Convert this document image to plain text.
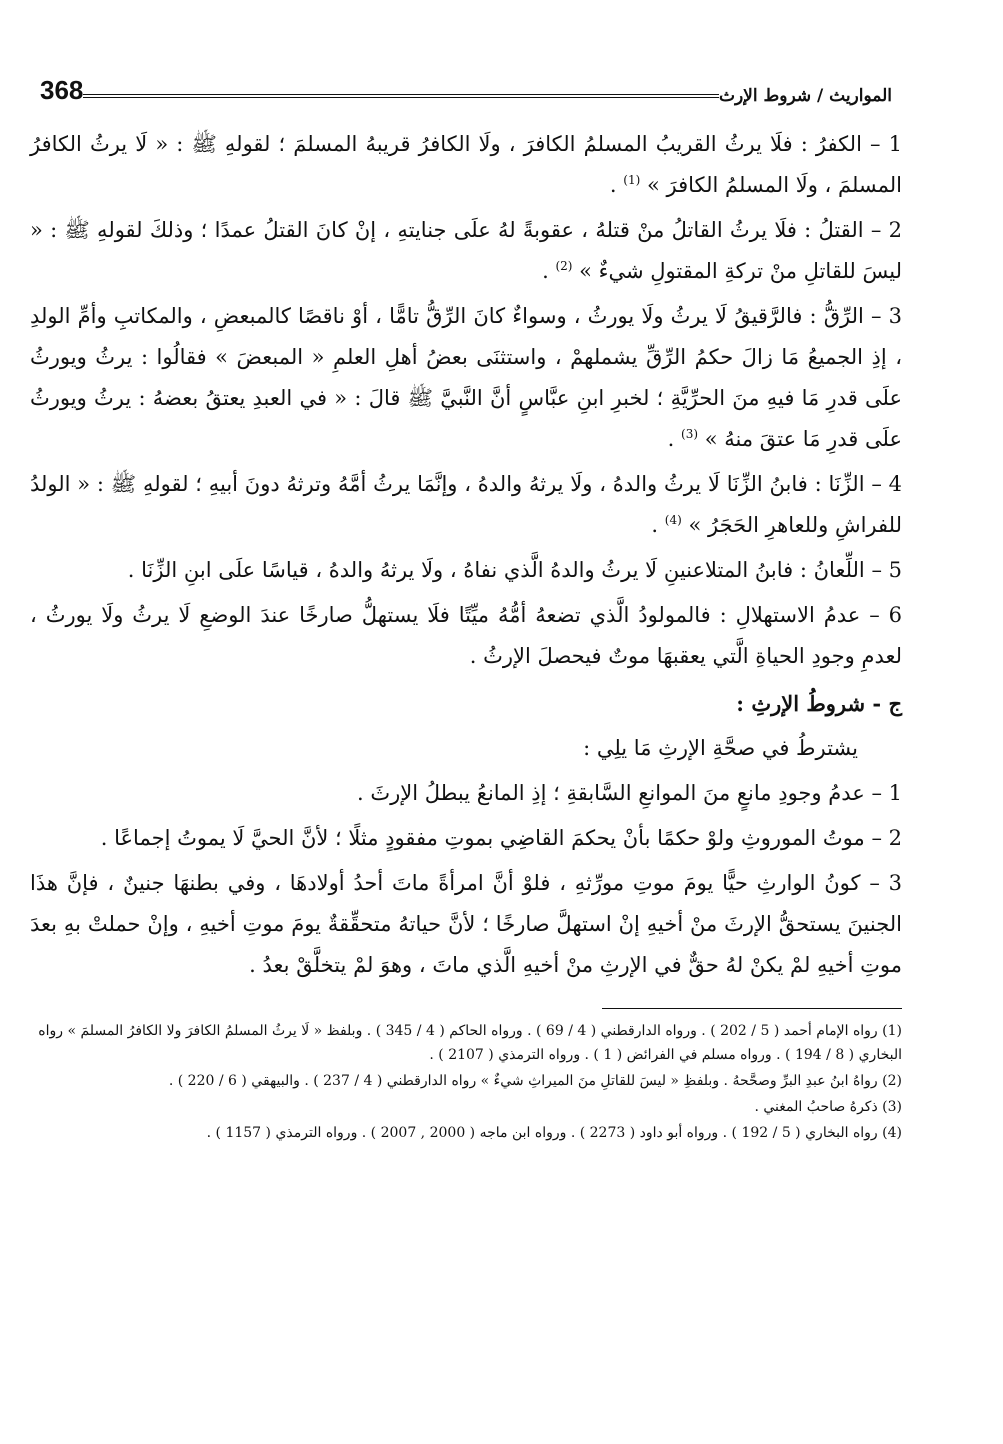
المواريث / شروط الإرث
368

1 – الكفرُ : فلَا يرثُ القريبُ المسلمُ الكافرَ ، ولَا الكافرُ قريبهُ المسلمَ ؛ لقولهِ ﷺ : « لَا يرثُ الكافرُ المسلمَ ، ولَا المسلمُ الكافرَ » $^{(1)}$ .

2 – القتلُ : فلَا يرثُ القاتلُ منْ قتلهُ ، عقوبةً لهُ علَى جنايتهِ ، إنْ كانَ القتلُ عمدًا ؛ وذلكَ لقولهِ ﷺ : « ليسَ للقاتلِ منْ تركةِ المقتولِ شيءٌ » $^{(2)}$ .

3 – الرِّقُّ : فالرَّقيقُ لَا يرثُ ولَا يورثُ ، وسواءٌ كانَ الرِّقُّ تامًّا ، أوْ ناقصًا كالمبعضِ ، والمكاتبِ وأمِّ الولدِ ، إذِ الجميعُ مَا زالَ حكمُ الرِّقِّ يشملهمْ ، واستثنَى بعضُ أهلِ العلمِ « المبعضَ » فقالُوا : يرثُ ويورثُ علَى قدرِ مَا فيهِ منَ الحرِّيَّةِ ؛ لخبرِ ابنِ عبَّاسٍ أنَّ النَّبيَّ ﷺ قالَ : « في العبدِ يعتقُ بعضهُ : يرثُ ويورثُ علَى قدرِ مَا عتقَ منهُ » $^{(3)}$ .

4 – الزِّنَا : فابنُ الزِّنَا لَا يرثُ والدهُ ، ولَا يرثهُ والدهُ ، وإنَّمَا يرثُ أمَّهُ وترثهُ دونَ أبيهِ ؛ لقولهِ ﷺ : « الولدُ للفراشِ وللعاهرِ الحَجَرُ » $^{(4)}$ .

5 – اللِّعانُ : فابنُ المتلاعنينِ لَا يرثُ والدهُ الَّذي نفاهُ ، ولَا يرثهُ والدهُ ، قياسًا علَى ابنِ الزِّنَا .

6 – عدمُ الاستهلالِ : فالمولودُ الَّذي تضعهُ أمُّهُ ميِّتًا فلَا يستهلُّ صارخًا عندَ الوضعِ لَا يرثُ ولَا يورثُ ، لعدمِ وجودِ الحياةِ الَّتي يعقبهَا موتٌ فيحصلَ الإرثُ .

ج - شروطُ الإرثِ :

يشترطُ في صحَّةِ الإرثِ مَا يلِي :

1 – عدمُ وجودِ مانعٍ منَ الموانعِ السَّابقةِ ؛ إذِ المانعُ يبطلُ الإرثَ .

2 – موتُ الموروثِ ولوْ حكمًا بأنْ يحكمَ القاضِي بموتِ مفقودٍ مثلًا ؛ لأنَّ الحيَّ لَا يموتُ إجماعًا .

3 – كونُ الوارثِ حيًّا يومَ موتِ مورِّثهِ ، فلوْ أنَّ امرأةً ماتَ أحدُ أولادهَا ، وفي بطنهَا جنينٌ ، فإنَّ هذَا الجنينَ يستحقُّ الإرثَ منْ أخيهِ إنْ استهلَّ صارخًا ؛ لأنَّ حياتهُ متحقِّقةٌ يومَ موتِ أخيهِ ، وإنْ حملتْ بهِ بعدَ موتِ أخيهِ لمْ يكنْ لهُ حقٌّ في الإرثِ منْ أخيهِ الَّذي ماتَ ، وهوَ لمْ يتخلَّقْ بعدُ .

(1) رواه الإمام أحمد ( 5 / 202 ) . ورواه الدارقطني ( 4 / 69 ) . ورواه الحاكم ( 4 / 345 ) . وبلفظ « لَا يرثُ المسلمُ الكافرَ ولا الكافرُ المسلمَ » رواه البخاري ( 8 / 194 ) . ورواه مسلم في الفرائض ( 1 ) . ورواه الترمذي ( 2107 ) .

(2) رواهُ ابنُ عبدِ البرِّ وصحَّحهُ . وبلفظِ « ليسَ للقاتلِ منَ الميراثِ شيءٌ » رواه الدارقطني ( 4 / 237 ) . والبيهقي ( 6 / 220 ) .

(3) ذكرهُ صاحبُ المغني .

(4) رواه البخاري ( 5 / 192 ) . ورواه أبو داود ( 2273 ) . ورواه ابن ماجه ( 2000 , 2007 ) . ورواه الترمذي ( 1157 ) .
